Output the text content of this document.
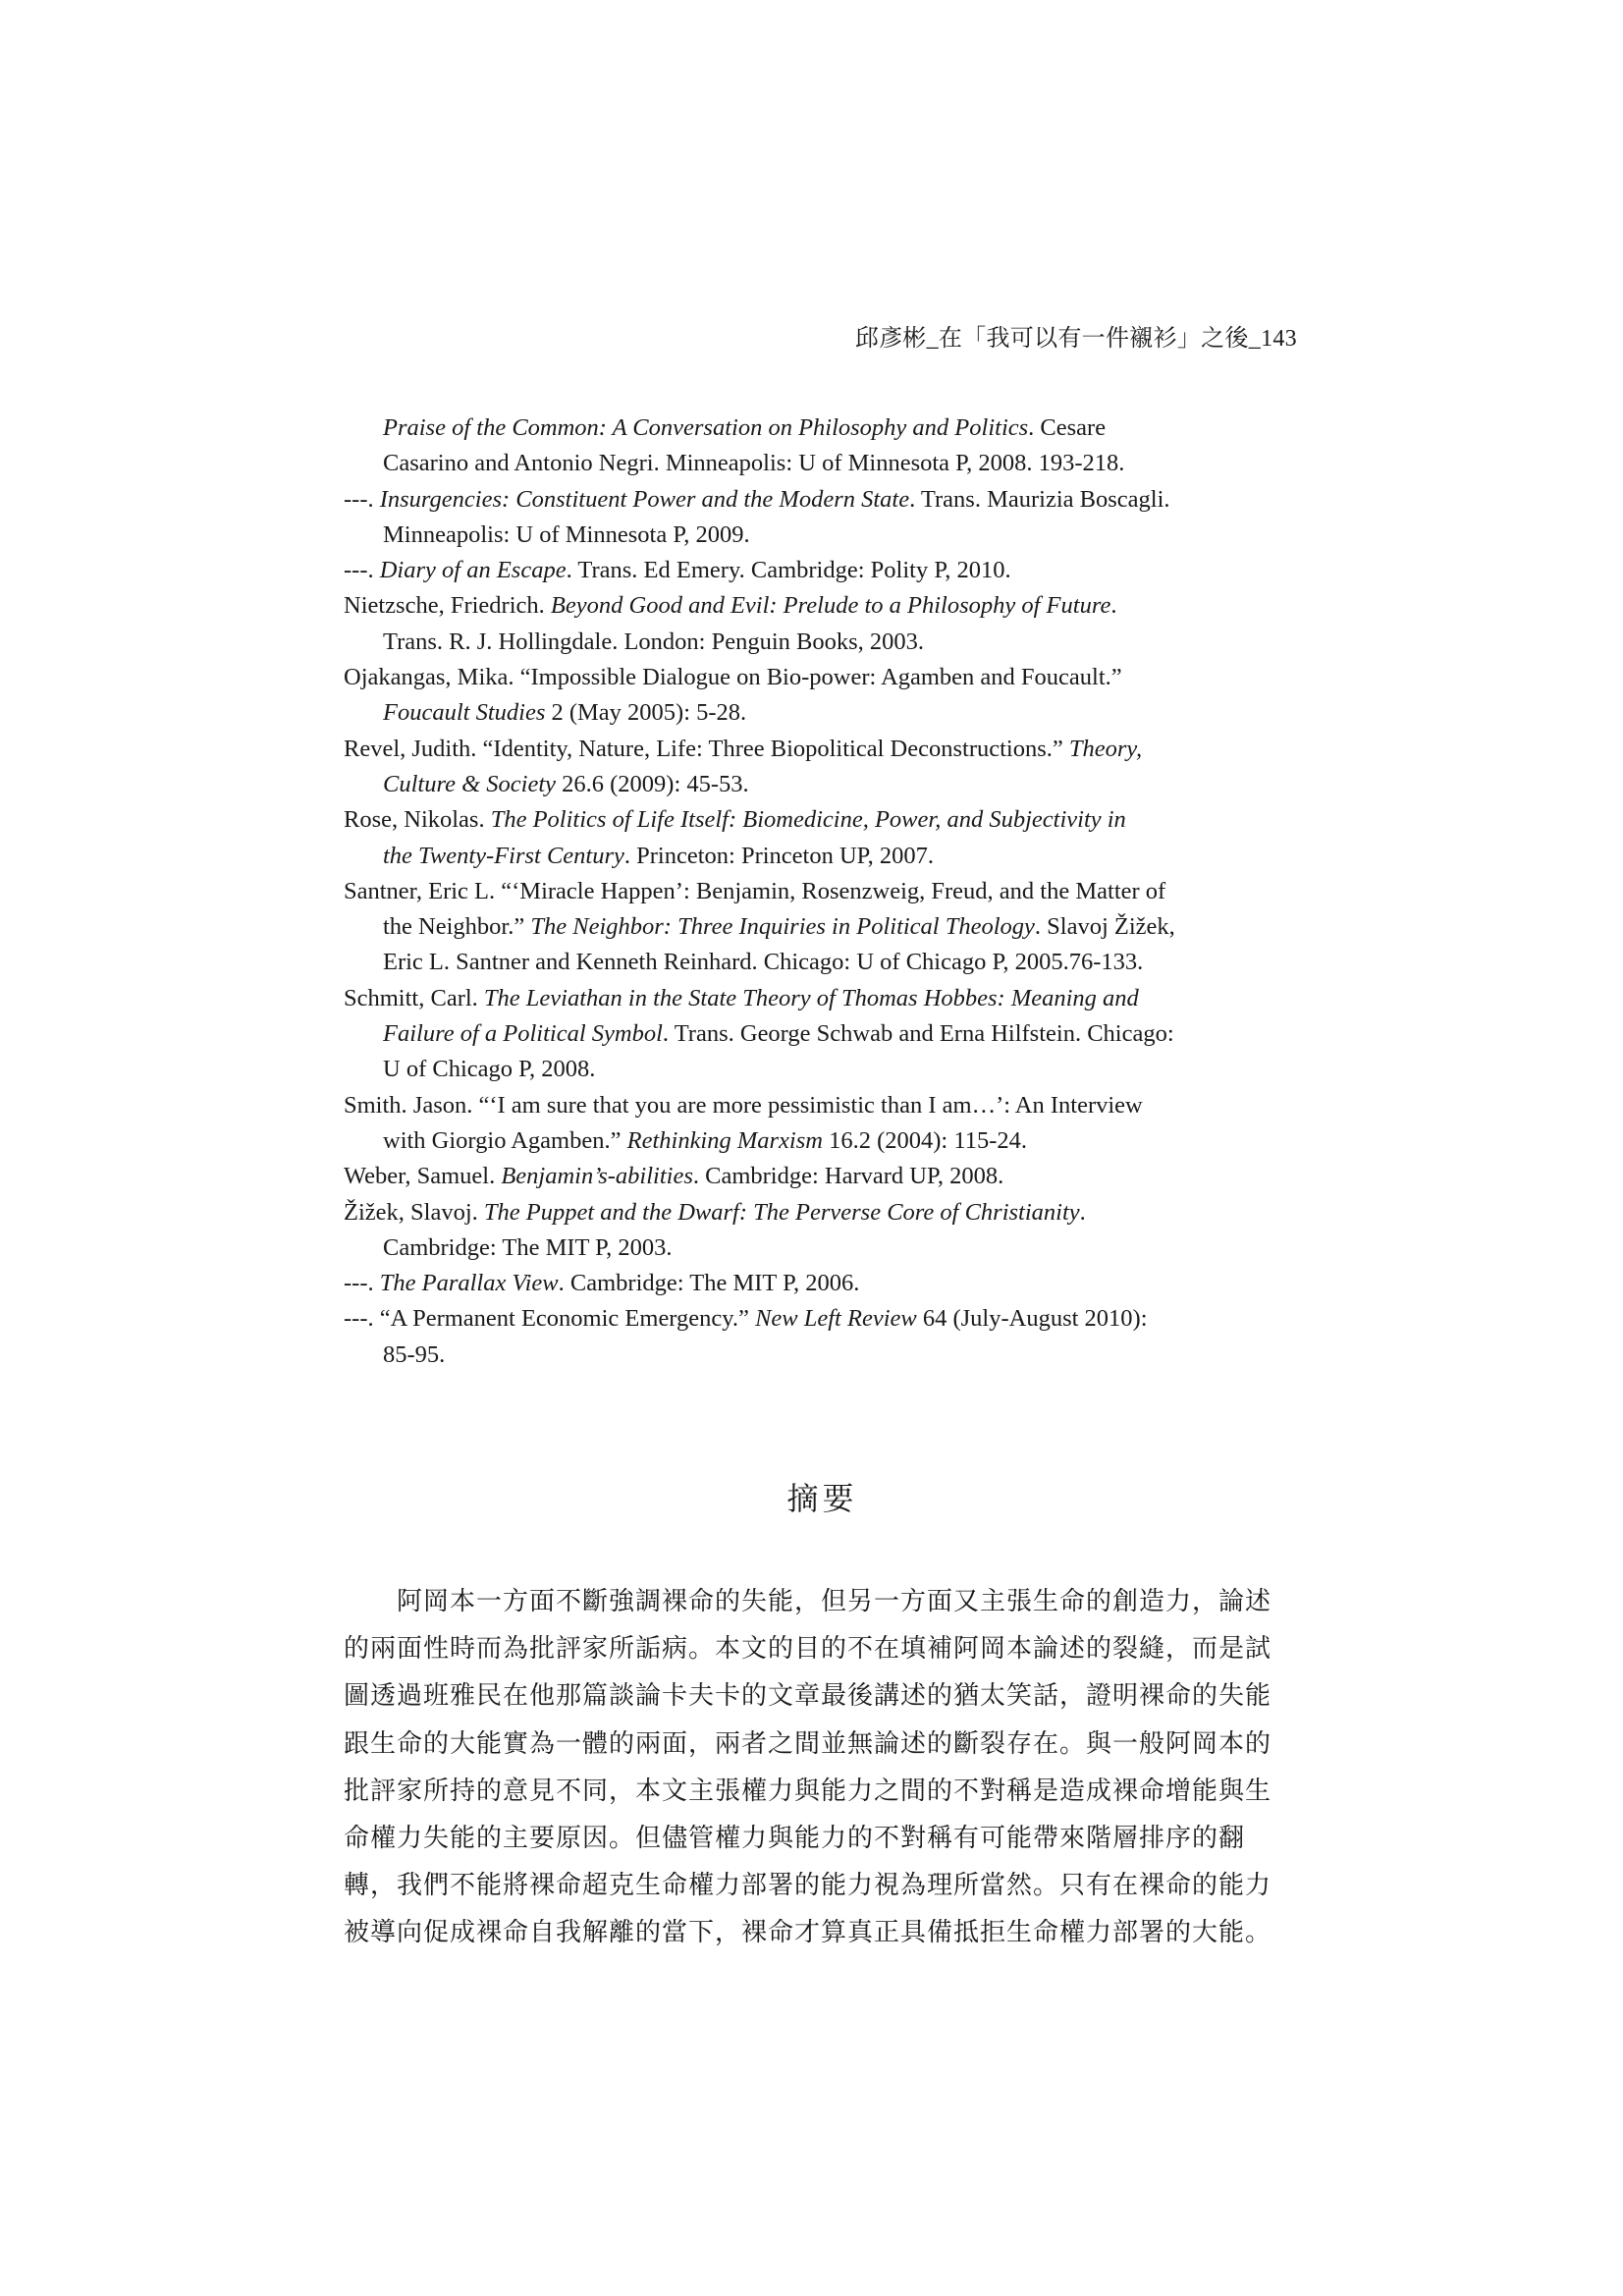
邱彥彬_在「我可以有一件襯衫」之後_143
Praise of the Common: A Conversation on Philosophy and Politics. Cesare
Casarino and Antonio Negri. Minneapolis: U of Minnesota P, 2008. 193-218.
---. Insurgencies: Constituent Power and the Modern State. Trans. Maurizia Boscagli.
Minneapolis: U of Minnesota P, 2009.
---. Diary of an Escape. Trans. Ed Emery. Cambridge: Polity P, 2010.
Nietzsche, Friedrich. Beyond Good and Evil: Prelude to a Philosophy of Future.
Trans. R. J. Hollingdale. London: Penguin Books, 2003.
Ojakangas, Mika. “Impossible Dialogue on Bio-power: Agamben and Foucault.”
Foucault Studies 2 (May 2005): 5-28.
Revel, Judith. “Identity, Nature, Life: Three Biopolitical Deconstructions.” Theory,
Culture & Society 26.6 (2009): 45-53.
Rose, Nikolas. The Politics of Life Itself: Biomedicine, Power, and Subjectivity in
the Twenty-First Century. Princeton: Princeton UP, 2007.
Santner, Eric L. “‘Miracle Happen’: Benjamin, Rosenzweig, Freud, and the Matter of
the Neighbor.” The Neighbor: Three Inquiries in Political Theology. Slavoj Žižek,
Eric L. Santner and Kenneth Reinhard. Chicago: U of Chicago P, 2005.76-133.
Schmitt, Carl. The Leviathan in the State Theory of Thomas Hobbes: Meaning and
Failure of a Political Symbol. Trans. George Schwab and Erna Hilfstein. Chicago:
U of Chicago P, 2008.
Smith. Jason. “‘I am sure that you are more pessimistic than I am…’: An Interview
with Giorgio Agamben.” Rethinking Marxism 16.2 (2004): 115-24.
Weber, Samuel. Benjamin’s-abilities. Cambridge: Harvard UP, 2008.
Žižek, Slavoj. The Puppet and the Dwarf: The Perverse Core of Christianity.
Cambridge: The MIT P, 2003.
---. The Parallax View. Cambridge: The MIT P, 2006.
---. “A Permanent Economic Emergency.” New Left Review 64 (July-August 2010):
85-95.
摘要
阿岡本一方面不斷強調裸命的失能，但另一方面又主張生命的創造力，論述
的兩面性時而為批評家所詬病。本文的目的不在填補阿岡本論述的裂縫，而是試
圖透過班雅民在他那篇談論卡夫卡的文章最後講述的猶太笑話，證明裸命的失能
跟生命的大能實為一體的兩面，兩者之間並無論述的斷裂存在。與一般阿岡本的
批評家所持的意見不同，本文主張權力與能力之間的不對稱是造成裸命增能與生
命權力失能的主要原因。但儘管權力與能力的不對稱有可能帶來階層排序的翻
轉，我們不能將裸命超克生命權力部署的能力視為理所當然。只有在裸命的能力
被導向促成裸命自我解離的當下，裸命才算真正具備抵拒生命權力部署的大能。
